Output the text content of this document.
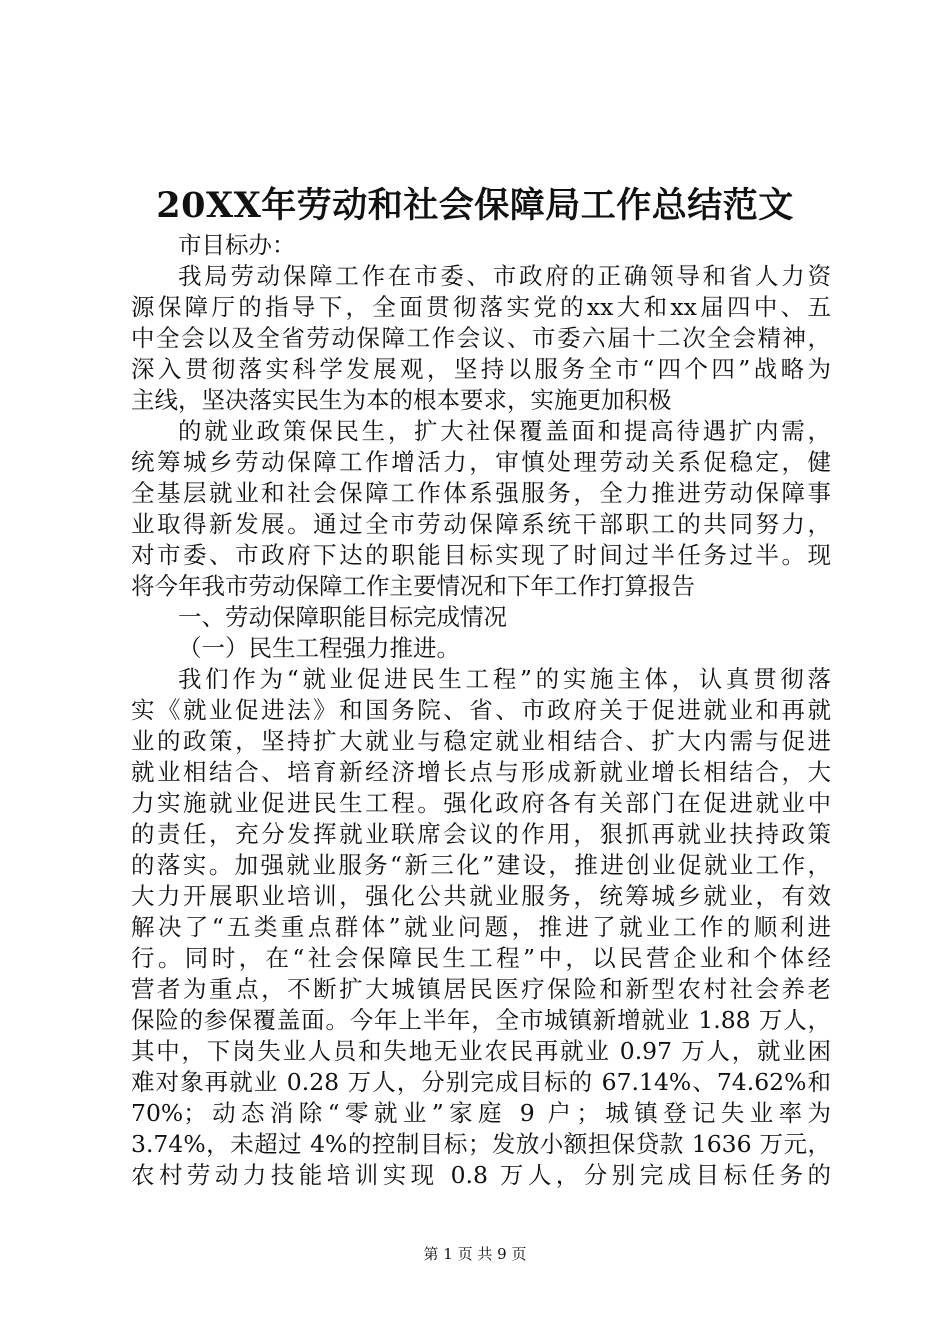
20XX年劳动和社会保障局工作总结范文
市目标办：
我局劳动保障工作在市委、市政府的正确领导和省人力资
源保障厅的指导下，全面贯彻落实党的xx大和xx届四中、五
中全会以及全省劳动保障工作会议、市委六届十二次全会精神，
深入贯彻落实科学发展观，坚持以服务全市“四个四”战略为
主线，坚决落实民生为本的根本要求，实施更加积极
的就业政策保民生，扩大社保覆盖面和提高待遇扩内需，
统筹城乡劳动保障工作增活力，审慎处理劳动关系促稳定，健
全基层就业和社会保障工作体系强服务，全力推进劳动保障事
业取得新发展。通过全市劳动保障系统干部职工的共同努力，
对市委、市政府下达的职能目标实现了时间过半任务过半。现
将今年我市劳动保障工作主要情况和下年工作打算报告
一、劳动保障职能目标完成情况
（一）民生工程强力推进。
我们作为“就业促进民生工程”的实施主体，认真贯彻落
实《就业促进法》和国务院、省、市政府关于促进就业和再就
业的政策，坚持扩大就业与稳定就业相结合、扩大内需与促进
就业相结合、培育新经济增长点与形成新就业增长相结合，大
力实施就业促进民生工程。强化政府各有关部门在促进就业中
的责任，充分发挥就业联席会议的作用，狠抓再就业扶持政策
的落实。加强就业服务“新三化”建设，推进创业促就业工作，
大力开展职业培训，强化公共就业服务，统筹城乡就业，有效
解决了“五类重点群体”就业问题，推进了就业工作的顺利进
行。同时，在“社会保障民生工程”中，以民营企业和个体经
营者为重点，不断扩大城镇居民医疗保险和新型农村社会养老
保险的参保覆盖面。今年上半年，全市城镇新增就业 1.88 万人，
其中，下岗失业人员和失地无业农民再就业 0.97 万人，就业困
难对象再就业 0.28 万人，分别完成目标的 67.14%、74.62%和
70%；动态消除“零就业”家庭 9 户；城镇登记失业率为
3.74%，未超过 4%的控制目标；发放小额担保贷款 1636 万元，
农村劳动力技能培训实现 0.8 万人，分别完成目标任务的
第 1 页 共 9 页
